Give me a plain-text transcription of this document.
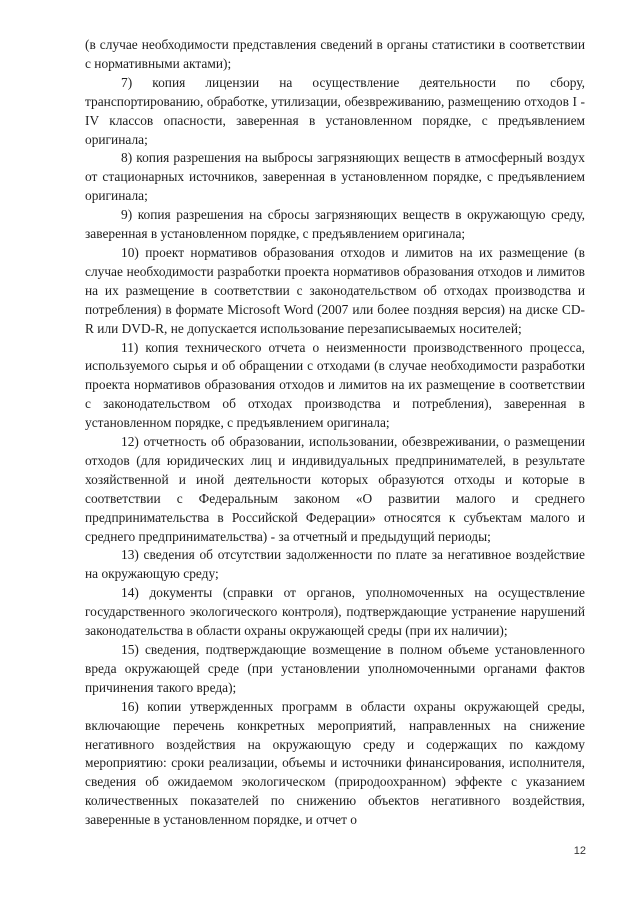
(в случае необходимости представления сведений в органы статистики в соответствии с нормативными актами);

7) копия лицензии на осуществление деятельности по сбору, транспортированию, обработке, утилизации, обезвреживанию, размещению отходов I - IV классов опасности, заверенная в установленном порядке, с предъявлением оригинала;

8) копия разрешения на выбросы загрязняющих веществ в атмосферный воздух от стационарных источников, заверенная в установленном порядке, с предъявлением оригинала;

9) копия разрешения на сбросы загрязняющих веществ в окружающую среду, заверенная в установленном порядке, с предъявлением оригинала;

10) проект нормативов образования отходов и лимитов на их размещение (в случае необходимости разработки проекта нормативов образования отходов и лимитов на их размещение в соответствии с законодательством об отходах производства и потребления) в формате Microsoft Word (2007 или более поздняя версия) на диске CD-R или DVD-R, не допускается использование перезаписываемых носителей;

11) копия технического отчета о неизменности производственного процесса, используемого сырья и об обращении с отходами (в случае необходимости разработки проекта нормативов образования отходов и лимитов на их размещение в соответствии с законодательством об отходах производства и потребления), заверенная в установленном порядке, с предъявлением оригинала;

12) отчетность об образовании, использовании, обезвреживании, о размещении отходов (для юридических лиц и индивидуальных предпринимателей, в результате хозяйственной и иной деятельности которых образуются отходы и которые в соответствии с Федеральным законом «О развитии малого и среднего предпринимательства в Российской Федерации» относятся к субъектам малого и среднего предпринимательства) - за отчетный и предыдущий периоды;

13) сведения об отсутствии задолженности по плате за негативное воздействие на окружающую среду;

14) документы (справки от органов, уполномоченных на осуществление государственного экологического контроля), подтверждающие устранение нарушений законодательства в области охраны окружающей среды (при их наличии);

15) сведения, подтверждающие возмещение в полном объеме установленного вреда окружающей среде (при установлении уполномоченными органами фактов причинения такого вреда);

16) копии утвержденных программ в области охраны окружающей среды, включающие перечень конкретных мероприятий, направленных на снижение негативного воздействия на окружающую среду и содержащих по каждому мероприятию: сроки реализации, объемы и источники финансирования, исполнителя, сведения об ожидаемом экологическом (природоохранном) эффекте с указанием количественных показателей по снижению объектов негативного воздействия, заверенные в установленном порядке, и отчет о

12
